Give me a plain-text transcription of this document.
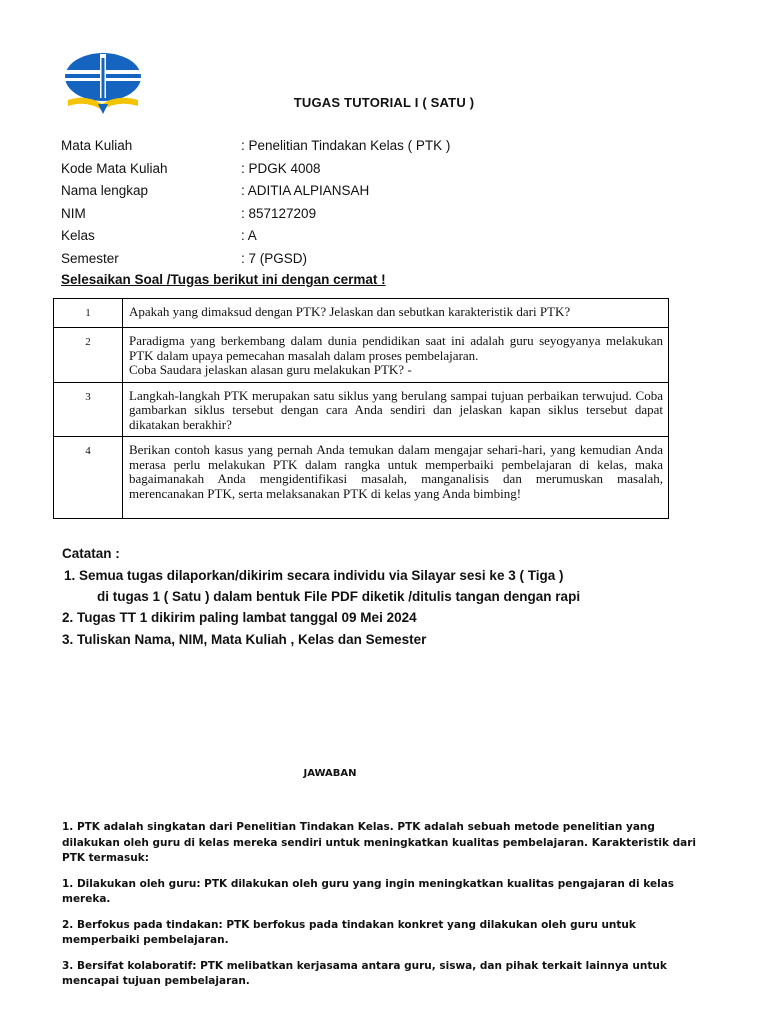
TUGAS TUTORIAL I ( SATU )
Mata Kuliah	: Penelitian Tindakan Kelas ( PTK )
Kode Mata Kuliah	: PDGK 4008
Nama lengkap	: ADITIA ALPIANSAH
NIM	: 857127209
Kelas	: A
Semester	: 7 (PGSD)
Selesaikan Soal /Tugas berikut ini dengan cermat !
1	Apakah yang dimaksud dengan PTK? Jelaskan dan sebutkan karakteristik dari PTK?
2	Paradigma yang berkembang dalam dunia pendidikan saat ini adalah guru seyogyanya melakukan PTK dalam upaya pemecahan masalah dalam proses pembelajaran.
Coba Saudara jelaskan alasan guru melakukan PTK? -

3	Langkah-langkah PTK merupakan satu siklus yang berulang sampai tujuan perbaikan terwujud. Coba gambarkan siklus tersebut dengan cara Anda sendiri dan jelaskan kapan siklus tersebut dapat dikatakan berakhir?
4	Berikan contoh kasus yang pernah Anda temukan dalam mengajar sehari-hari, yang kemudian Anda merasa perlu melakukan PTK dalam rangka untuk memperbaiki pembelajaran di kelas, maka bagaimanakah Anda mengidentifikasi masalah, manganalisis dan merumuskan masalah, merencanakan PTK, serta melaksanakan PTK di kelas yang Anda bimbing!
Catatan :
1. Semua tugas dilaporkan/dikirim secara individu via Silayar sesi ke 3 ( Tiga )
di tugas 1 ( Satu ) dalam bentuk File PDF diketik /ditulis tangan dengan rapi
2. Tugas TT 1 dikirim paling lambat tanggal 09 Mei 2024
3. Tuliskan Nama, NIM, Mata Kuliah , Kelas dan Semester
JAWABAN

1. PTK adalah singkatan dari Penelitian Tindakan Kelas. PTK adalah sebuah metode penelitian yang dilakukan oleh guru di kelas mereka sendiri untuk meningkatkan kualitas pembelajaran. Karakteristik dari PTK termasuk:

1. Dilakukan oleh guru: PTK dilakukan oleh guru yang ingin meningkatkan kualitas pengajaran di kelas mereka.

2. Berfokus pada tindakan: PTK berfokus pada tindakan konkret yang dilakukan oleh guru untuk memperbaiki pembelajaran.

3. Bersifat kolaboratif: PTK melibatkan kerjasama antara guru, siswa, dan pihak terkait lainnya untuk mencapai tujuan pembelajaran.
